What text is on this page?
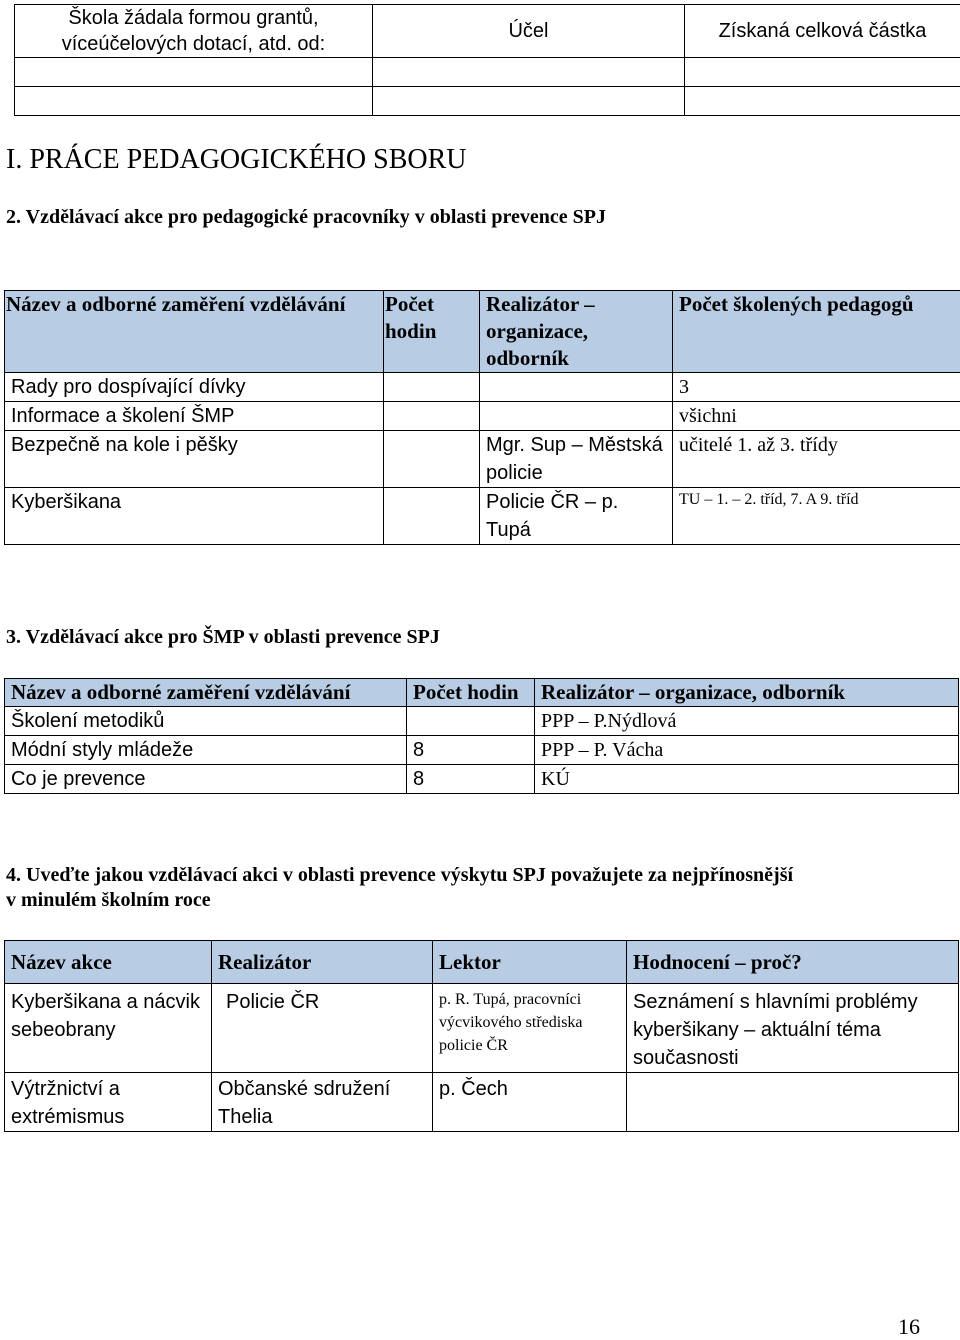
Škola žádala formou grantů, víceúčelových dotací, atd. od:	Účel	Získaná celková částka

I. PRÁCE PEDAGOGICKÉHO SBORU
2. Vzdělávací akce pro pedagogické pracovníky v oblasti prevence SPJ
Název a odborné zaměření vzdělávání	Počet hodin	Realizátor – organizace, odborník	Počet školených pedagogů
Rady pro dospívající dívky			3
Informace a školení ŠMP			všichni
Bezpečně na kole i pěšky		Mgr. Sup – Městská policie	učitelé 1. až 3. třídy
Kyberšikana		Policie ČR – p. Tupá	TU – 1. – 2. tříd, 7. A 9. tříd
3. Vzdělávací akce pro ŠMP v oblasti prevence SPJ
Název a odborné zaměření vzdělávání	Počet hodin	Realizátor – organizace, odborník
Školení metodiků		PPP – P.Nýdlová
Módní styly mládeže	8	PPP – P. Vácha
Co je prevence	8	KÚ
4. Uveďte jakou vzdělávací akci v oblasti prevence výskytu SPJ považujete za nejpřínosnější
v minulém školním roce
Název akce	Realizátor	Lektor	Hodnocení – proč?
Kyberšikana a nácvik sebeobrany	Policie ČR	p. R. Tupá, pracovníci výcvikového střediska policie ČR	Seznámení s hlavními problémy kyberšikany – aktuální téma současnosti
Výtržnictví a extrémismus	Občanské sdružení Thelia	p. Čech	
16
